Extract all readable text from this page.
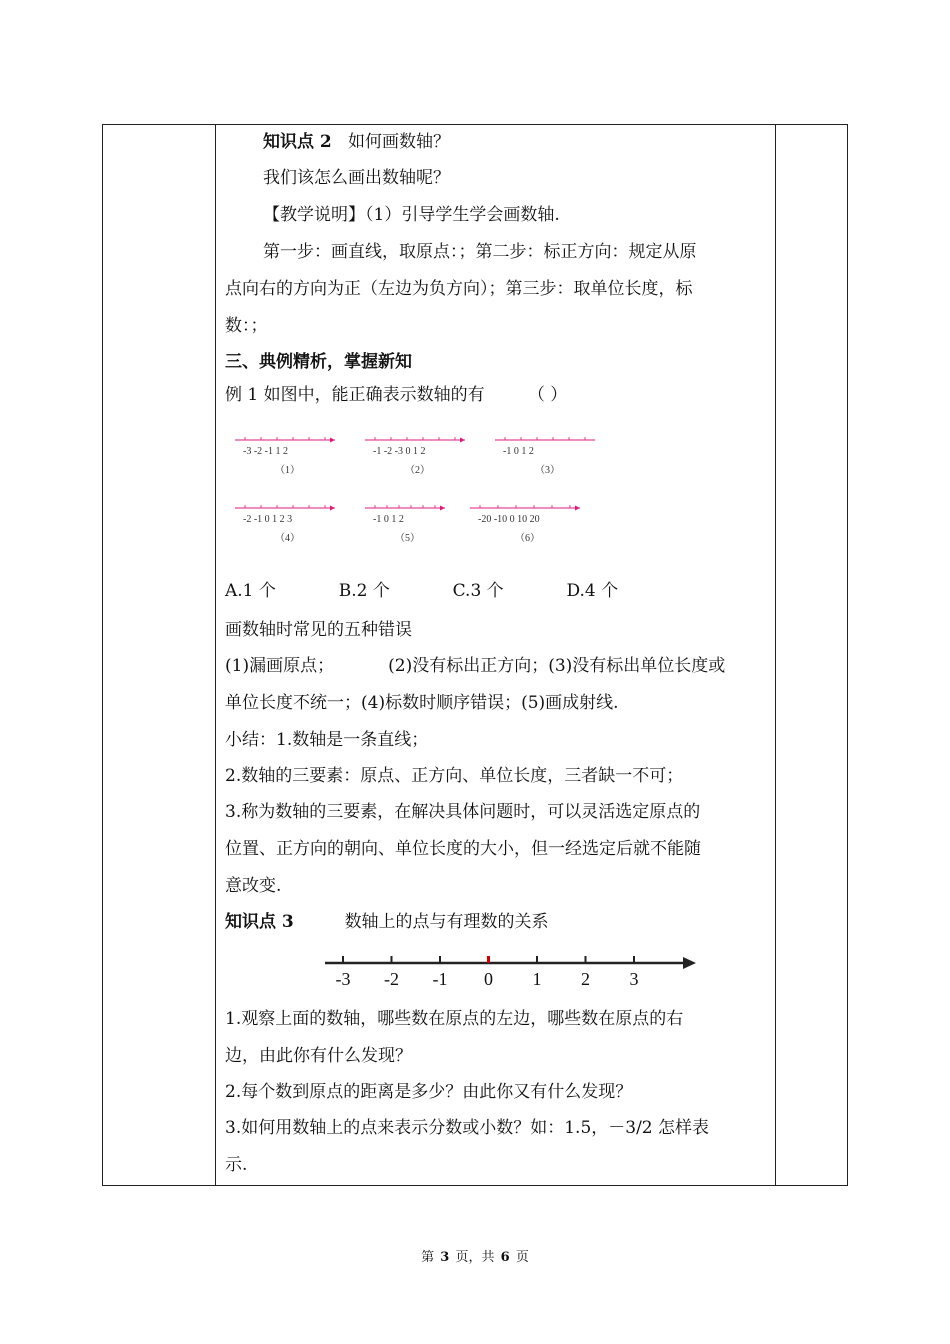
知识点 2 如何画数轴？
我们该怎么画出数轴呢？
【教学说明】（1）引导学生学会画数轴.
第一步：画直线，取原点：；第二步：标正方向：规定从原
点向右的方向为正（左边为负方向）；第三步：取单位长度，标
数：；
三、典例精析，掌握新知
例 1 如图中，能正确表示数轴的有	（ ）
-3 -2 -1 1 2
（1）
-1 -2 -3 0 1 2
（2）
-1 0 1 2
（3）
-2 -1 0 1 2 3
（4）
-1 0 1 2
（5）
-20 -10 0 10 20
（6）
A.1 个	B.2 个	C.3 个	D.4 个
画数轴时常见的五种错误
(1)漏画原点；          (2)没有标出正方向；(3)没有标出单位长度或
单位长度不统一；(4)标数时顺序错误；(5)画成射线.
小结：1.数轴是一条直线；
2.数轴的三要素：原点、正方向、单位长度，三者缺一不可；
3.称为数轴的三要素，在解决具体问题时，可以灵活选定原点的
位置、正方向的朝向、单位长度的大小，但一经选定后就不能随
意改变.
知识点 3	数轴上的点与有理数的关系
-3 -2 -1 0 1 2 3
1.观察上面的数轴，哪些数在原点的左边，哪些数在原点的右
边，由此你有什么发现？
2.每个数到原点的距离是多少？由此你又有什么发现？
3.如何用数轴上的点来表示分数或小数？如：1.5，－3/2 怎样表
示.
第 3 页，共 6 页
